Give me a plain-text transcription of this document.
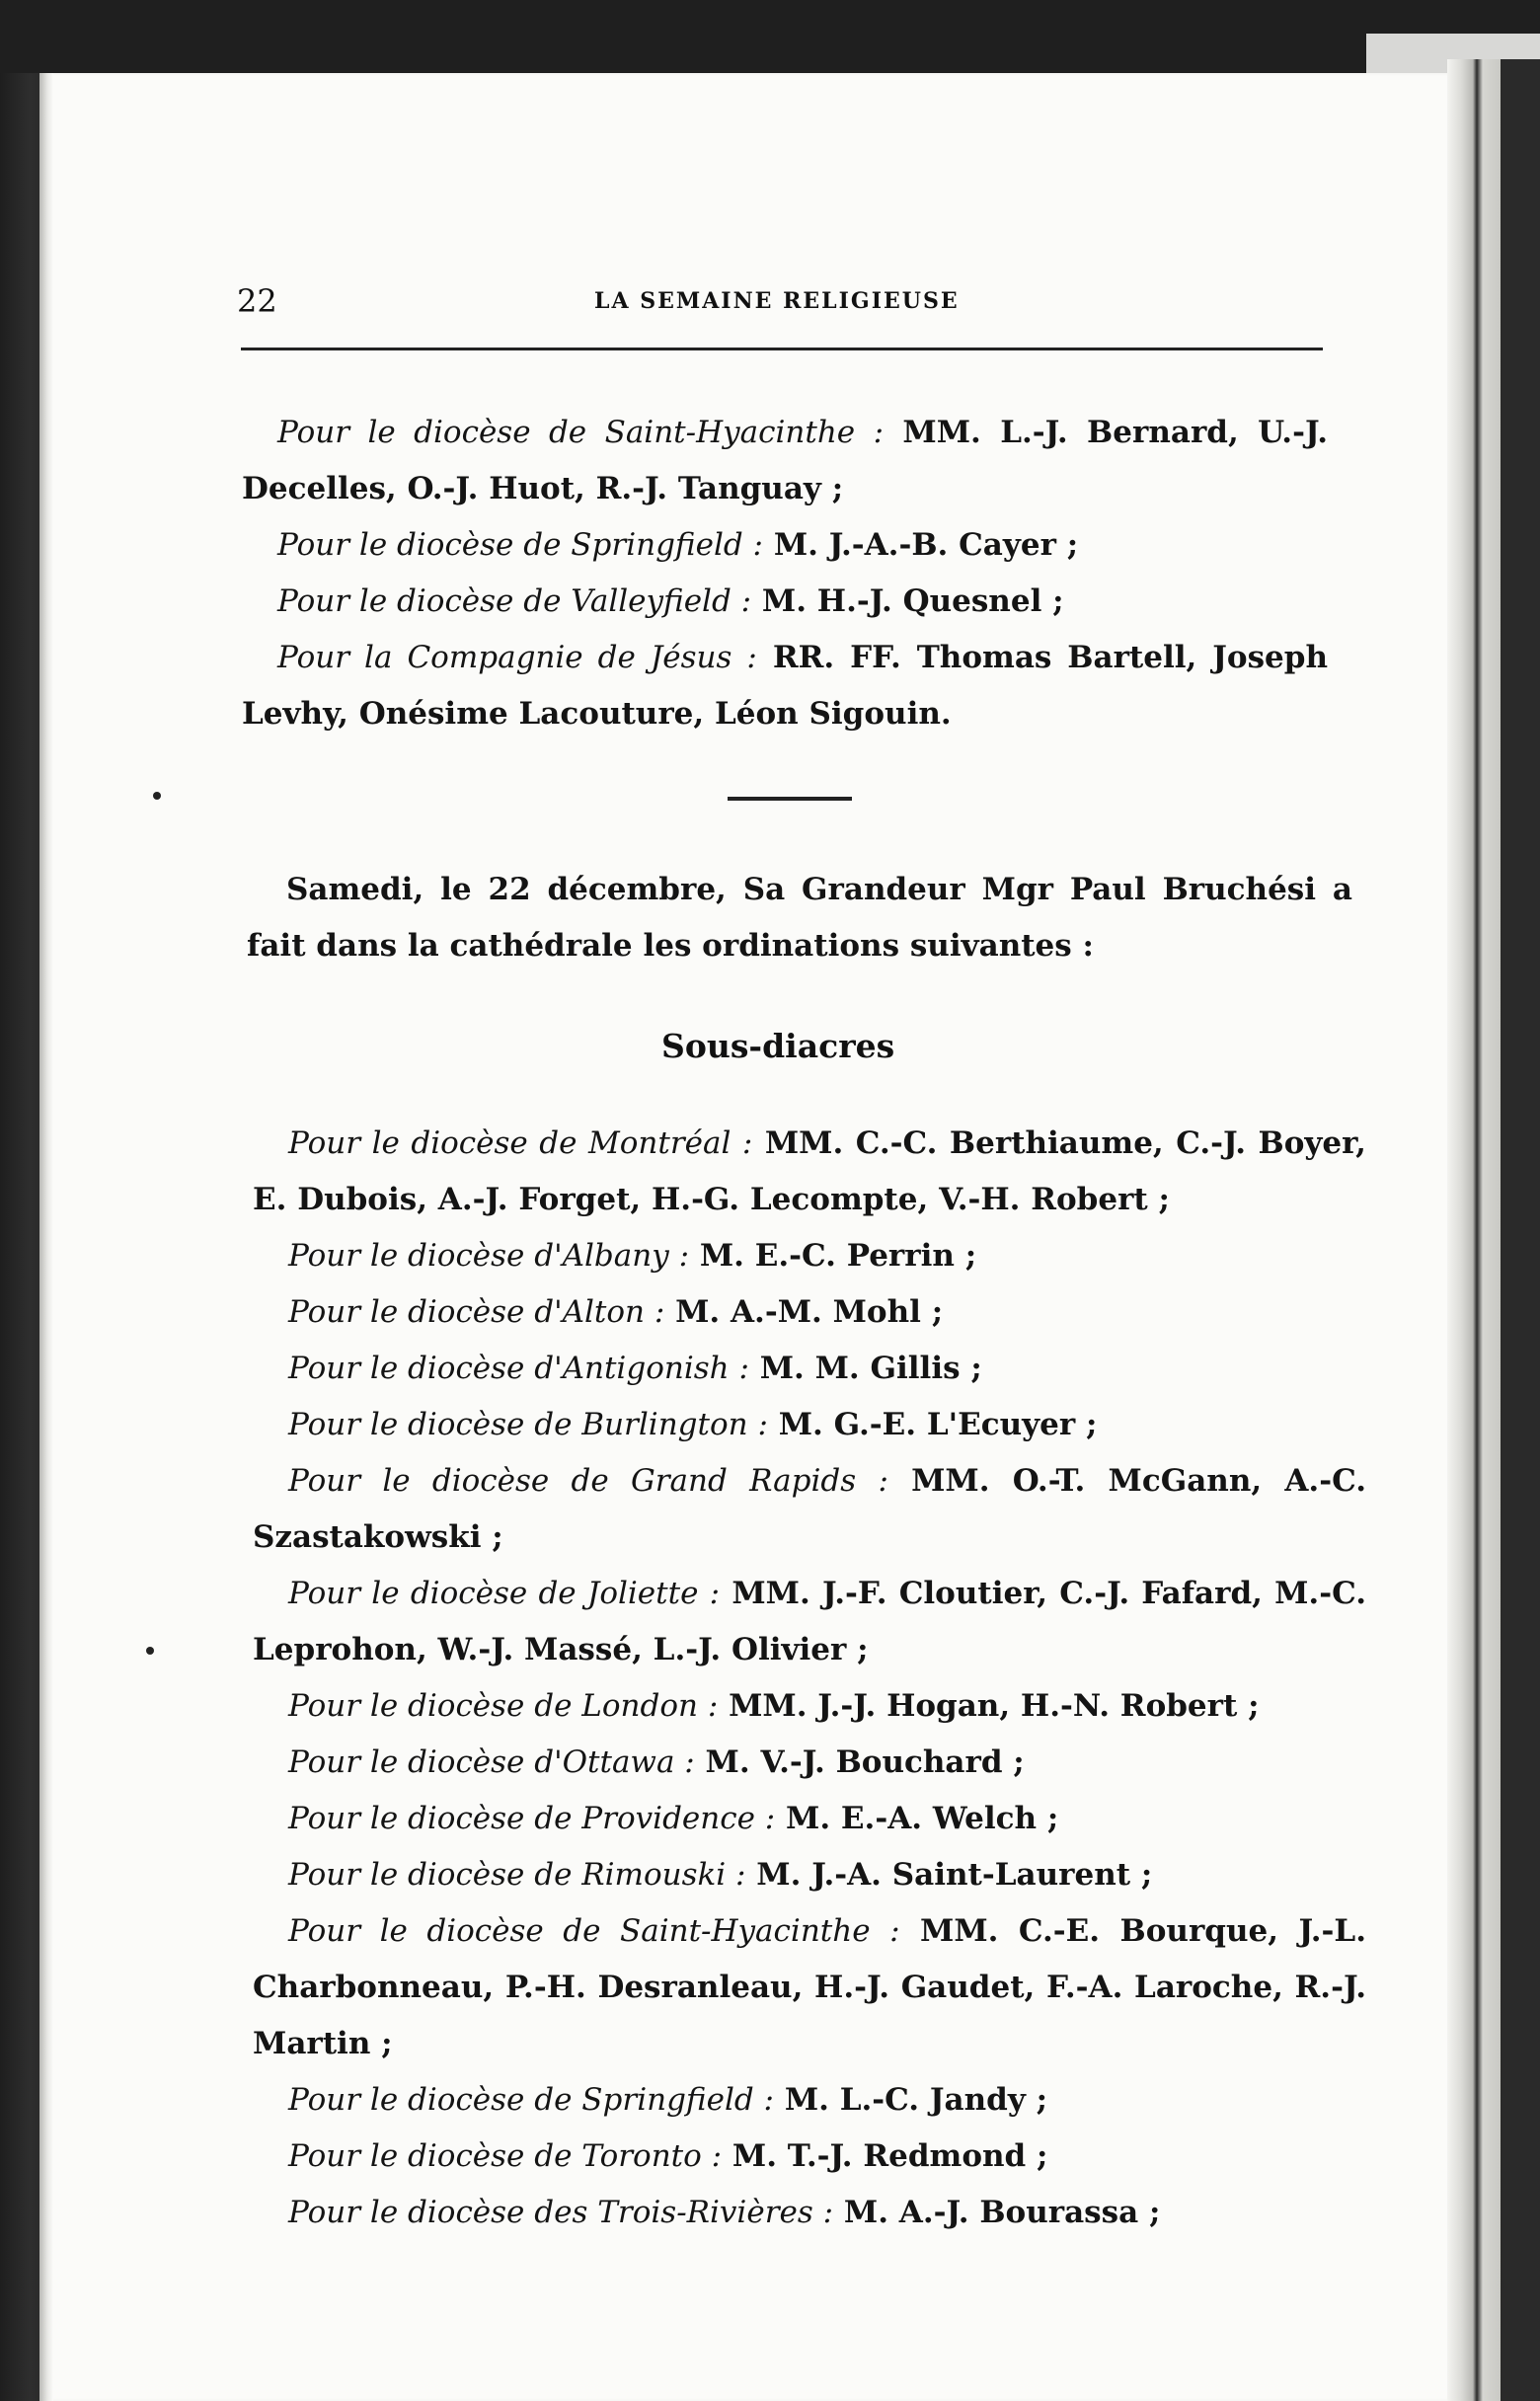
22	LA SEMAINE RELIGIEUSE
Pour le diocèse de Saint-Hyacinthe : MM. L.-J. Bernard, U.-J. Decelles, O.-J. Huot, R.-J. Tanguay ;
Pour le diocèse de Springfield : M. J.-A.-B. Cayer ;
Pour le diocèse de Valleyfield : M. H.-J. Quesnel ;
Pour la Compagnie de Jésus : RR. FF. Thomas Bartell, Joseph Levhy, Onésime Lacouture, Léon Sigouin.
Samedi, le 22 décembre, Sa Grandeur Mgr Paul Bruchési a fait dans la cathédrale les ordinations suivantes :
Sous-diacres
Pour le diocèse de Montréal : MM. C.-C. Berthiaume, C.-J. Boyer, E. Dubois, A.-J. Forget, H.-G. Lecompte, V.-H. Robert ;
Pour le diocèse d'Albany : M. E.-C. Perrin ;
Pour le diocèse d'Alton : M. A.-M. Mohl ;
Pour le diocèse d'Antigonish : M. M. Gillis ;
Pour le diocèse de Burlington : M. G.-E. L'Ecuyer ;
Pour le diocèse de Grand Rapids : MM. O.-T. McGann, A.-C. Szastakowski ;
Pour le diocèse de Joliette : MM. J.-F. Cloutier, C.-J. Fafard, M.-C. Leprohon, W.-J. Massé, L.-J. Olivier ;
Pour le diocèse de London : MM. J.-J. Hogan, H.-N. Robert ;
Pour le diocèse d'Ottawa : M. V.-J. Bouchard ;
Pour le diocèse de Providence : M. E.-A. Welch ;
Pour le diocèse de Rimouski : M. J.-A. Saint-Laurent ;
Pour le diocèse de Saint-Hyacinthe : MM. C.-E. Bourque, J.-L. Charbonneau, P.-H. Desranleau, H.-J. Gaudet, F.-A. Laroche, R.-J. Martin ;
Pour le diocèse de Springfield : M. L.-C. Jandy ;
Pour le diocèse de Toronto : M. T.-J. Redmond ;
Pour le diocèse des Trois-Rivières : M. A.-J. Bourassa ;
